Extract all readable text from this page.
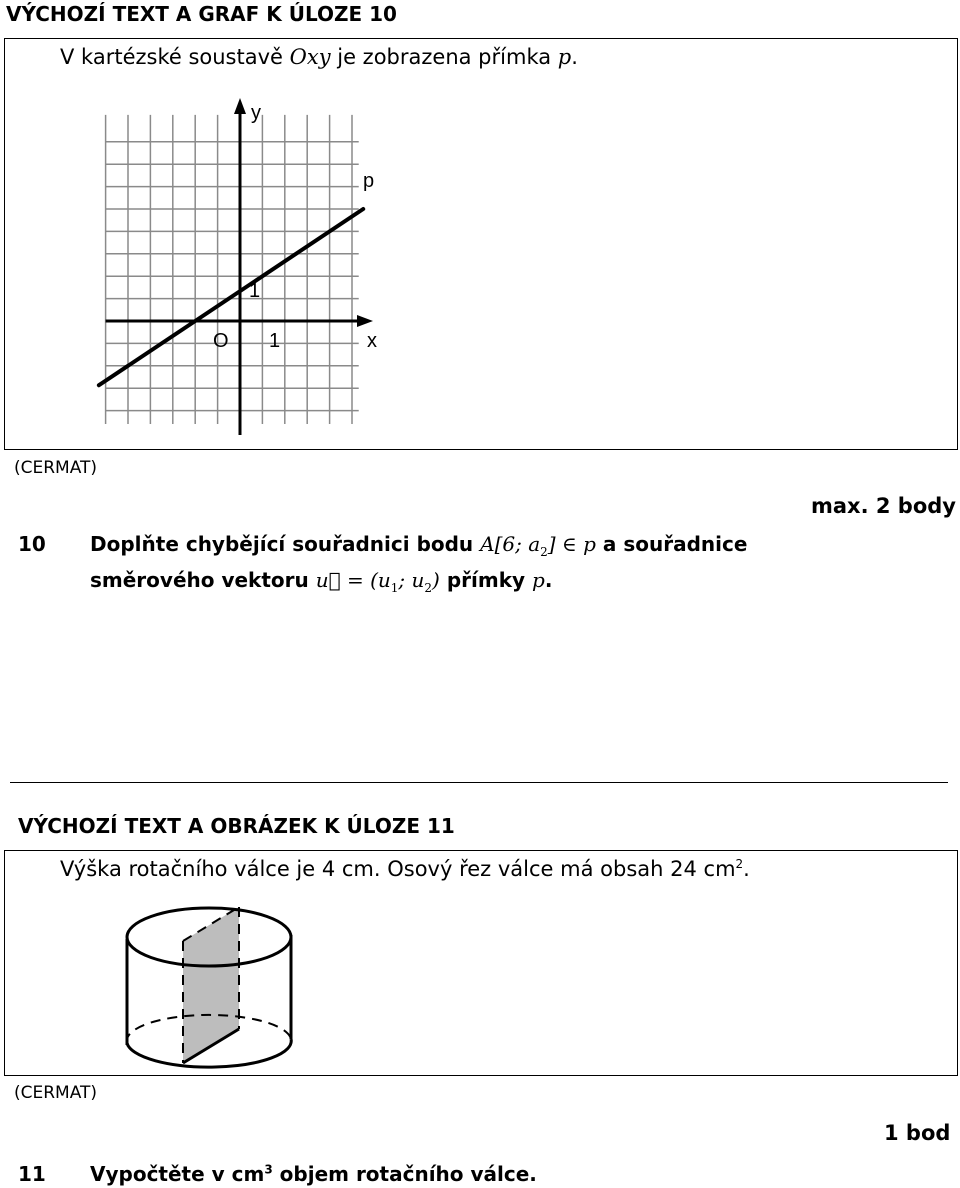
VÝCHOZÍ TEXT A GRAF K ÚLOZE 10
V kartézské soustavě Oxy je zobrazena přímka p.
y
p
1
O 1	x
(CERMAT)
max. 2 body
10 Doplňte chybějící souřadnici bodu A[6; $a_2$] ∈ p a souřadnice
směrového vektoru u⃗ = ($u_1$; $u_2$) přímky p.
VÝCHOZÍ TEXT A OBRÁZEK K ÚLOZE 11
Výška rotačního válce je 4 cm. Osový řez válce má obsah 24 $cm^2$.
(CERMAT)
1 bod
11 Vypočtěte v $cm^3$ objem rotačního válce.
